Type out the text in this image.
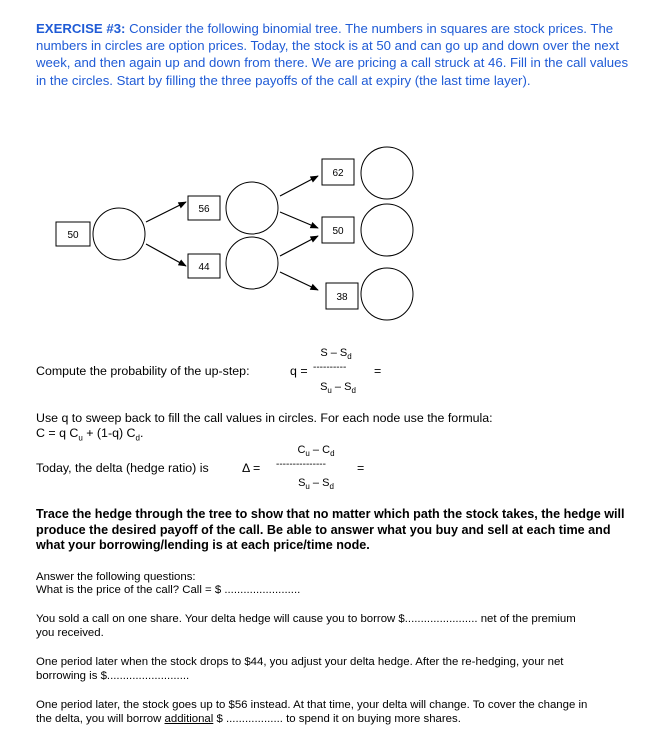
EXERCISE #3: Consider the following binomial tree. The numbers in squares are stock prices. The numbers in circles are option prices. Today, the stock is at 50 and can go up and down over the next week, and then again up and down from there. We are pricing a call struck at 46. Fill in the call values in the circles. Start by filling the three payoffs of the call at expiry (the last time layer).
50
56
44
62
50
38
Compute the probability of the up-step:
S – $S_d$
q = ---------- =
$S_u - S_d$
Use q to sweep back to fill the call values in circles. For each node use the formula:
C = q $C_u + (1-q)$ $C_d$.
$C_u - C_d$
Today, the delta (hedge ratio) is	Δ = ---------------	=
$S_u - S_d$
Trace the hedge through the tree to show that no matter which path the stock takes, the hedge will produce the desired payoff of the call. Be able to answer what you buy and sell at each time and what your borrowing/lending is at each price/time node.
Answer the following questions:
What is the price of the call? Call = $ ........................
You sold a call on one share. Your delta hedge will cause you to borrow $....................... net of the premium
you received.
One period later when the stock drops to $44, you adjust your delta hedge. After the re-hedging, your net
borrowing is $..........................
One period later, the stock goes up to $56 instead. At that time, your delta will change. To cover the change in
the delta, you will borrow additional $ .................. to spend it on buying more shares.
